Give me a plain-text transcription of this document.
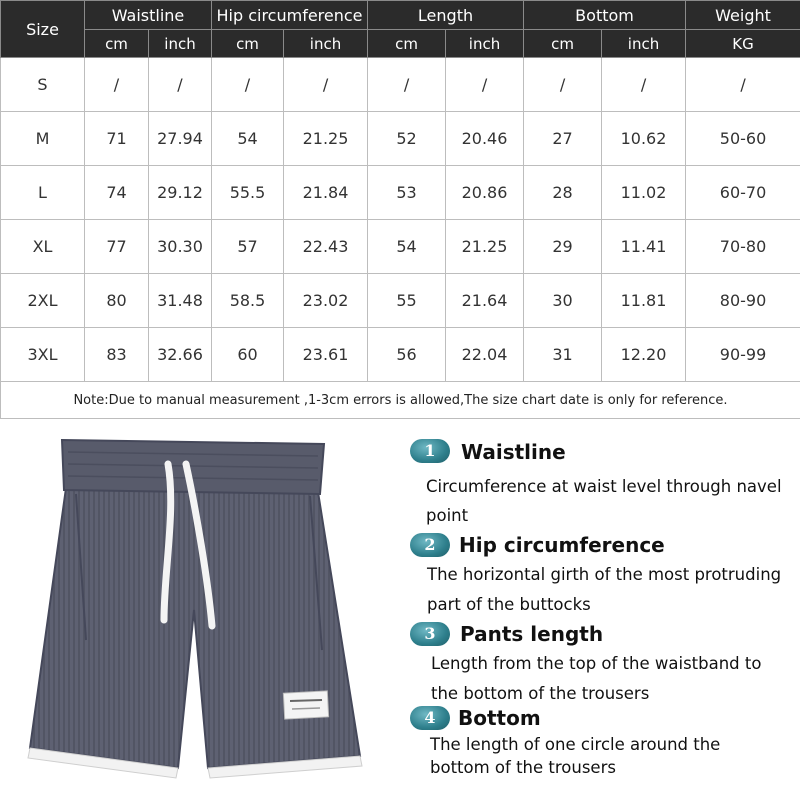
Size	Waistline		Hip circumference		Length		Bottom		Weight
	cm	inch	cm	inch	cm	inch	cm	inch	KG
S	/	/	/	/	/	/	/	/	/
M	71	27.94	54	21.25	52	20.46	27	10.62	50-60
L	74	29.12	55.5	21.84	53	20.86	28	11.02	60-70
XL	77	30.30	57	22.43	54	21.25	29	11.41	70-80
2XL	80	31.48	58.5	23.02	55	21.64	30	11.81	80-90
3XL	83	32.66	60	23.61	56	22.04	31	12.20	90-99
Note:Due to manual measurement ,1-3cm errors is allowed,The size chart date is only for reference.									
1	Waistline
Circumference at waist level through navel
point
2	Hip circumference
The horizontal girth of the most protruding
part of the buttocks
3	Pants length
Length from the top of the waistband to
the bottom of the trousers
4	Bottom
The length of one circle around the
bottom of the trousers
